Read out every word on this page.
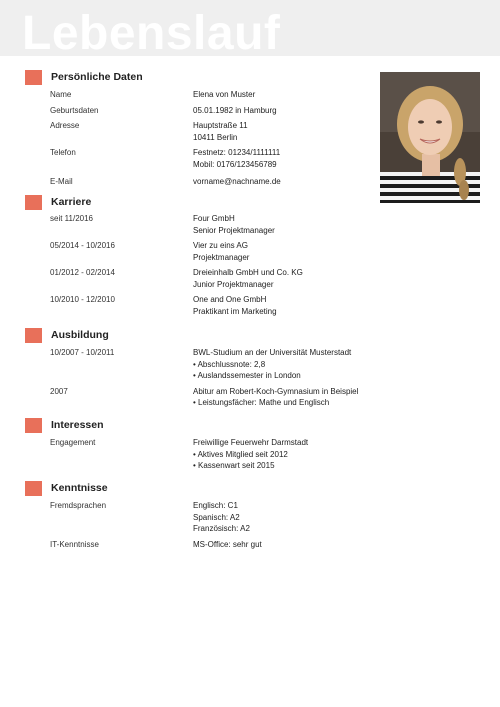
Lebenslauf
Persönliche Daten
Name	Elena von Muster
Geburtsdaten	05.01.1982 in Hamburg
Adresse	Hauptstraße 11
10411 Berlin
Telefon	Festnetz: 01234/1111111
Mobil: 0176/123456789
E-Mail	vorname@nachname.de
Karriere
seit 11/2016	Four GmbH
Senior Projektmanager
05/2014 - 10/2016	Vier zu eins AG
Projektmanager
01/2012 - 02/2014	Dreieinhalb GmbH und Co. KG
Junior Projektmanager
10/2010 - 12/2010	One and One GmbH
Praktikant im Marketing
Ausbildung
10/2007 - 10/2011	BWL-Studium an der Universität Musterstadt
• Abschlussnote: 2,8
• Auslandssemester in London
2007	Abitur am Robert-Koch-Gymnasium in Beispiel
• Leistungsfächer: Mathe und Englisch
Interessen
Engagement	Freiwillige Feuerwehr Darmstadt
• Aktives Mitglied seit 2012
• Kassenwart seit 2015
Kenntnisse
Fremdsprachen	Englisch: C1
Spanisch: A2
Französisch: A2
IT-Kenntnisse	MS-Office: sehr gut
